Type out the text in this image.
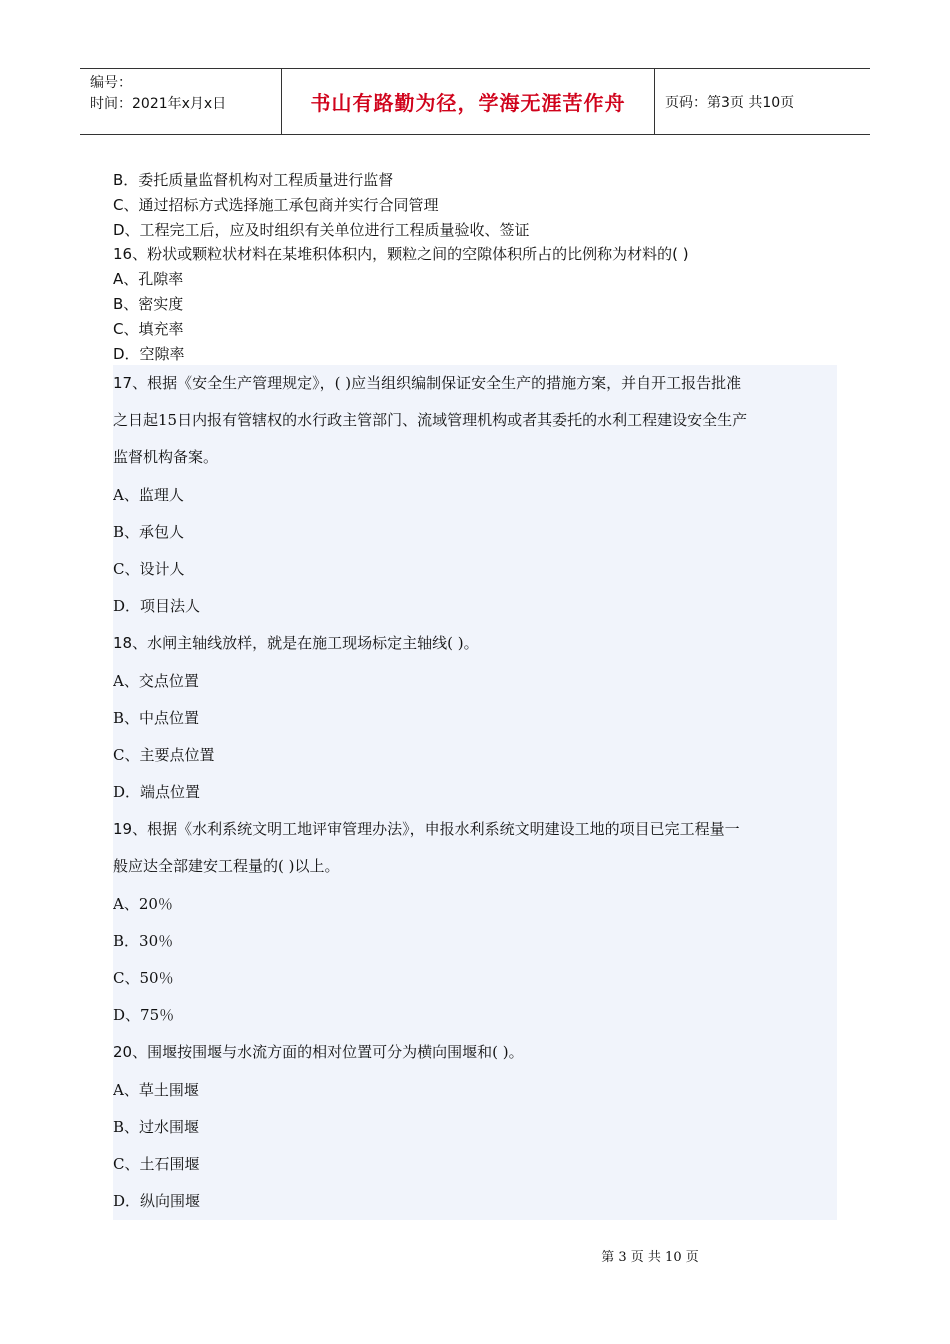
编号：
时间：2021年x月x日	书山有路勤为径，学海无涯苦作舟	页码：第3页 共10页
B．委托质量监督机构对工程质量进行监督
C、通过招标方式选择施工承包商并实行合同管理
D、工程完工后，应及时组织有关单位进行工程质量验收、签证
16、粉状或颗粒状材料在某堆积体积内，颗粒之间的空隙体积所占的比例称为材料的( )
A、孔隙率
B、密实度
C、填充率
D．空隙率
17、根据《安全生产管理规定》，( )应当组织编制保证安全生产的措施方案，并自开工报告批准
之日起15日内报有管辖权的水行政主管部门、流域管理机构或者其委托的水利工程建设安全生产
监督机构备案。
A、监理人
B、承包人
C、设计人
D．项目法人
18、水闸主轴线放样，就是在施工现场标定主轴线( )。
A、交点位置
B、中点位置
C、主要点位置
D．端点位置
19、根据《水利系统文明工地评审管理办法》，申报水利系统文明建设工地的项目已完工程量一
般应达全部建安工程量的( )以上。
A、20％
B．30％
C、50％
D、75％
20、围堰按围堰与水流方面的相对位置可分为横向围堰和( )。
A、草土围堰
B、过水围堰
C、土石围堰
D．纵向围堰
第 3 页 共 10 页
